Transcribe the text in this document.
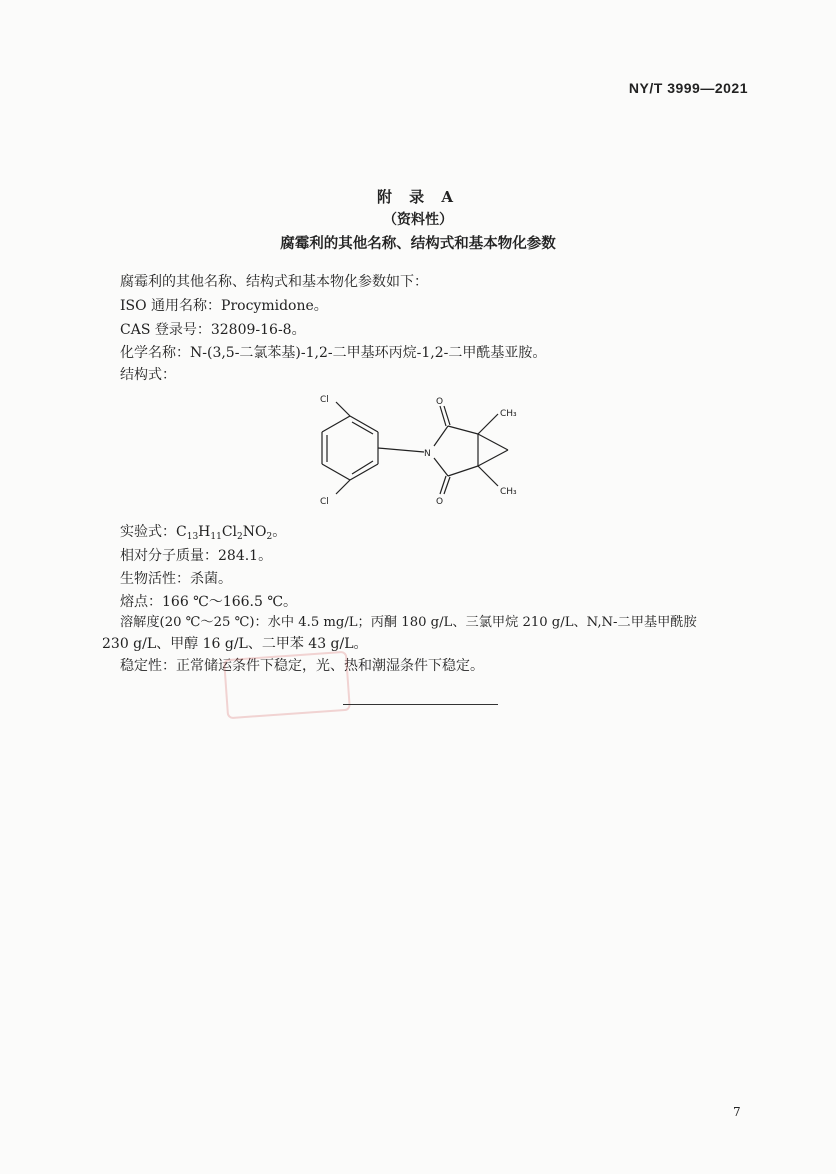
NY/T 3999—2021
附 录 A
（资料性）
腐霉利的其他名称、结构式和基本物化参数
腐霉利的其他名称、结构式和基本物化参数如下：
ISO 通用名称：Procymidone。
CAS 登录号：32809-16-8。
化学名称：N-(3,5-二氯苯基)-1,2-二甲基环丙烷-1,2-二甲酰基亚胺。
结构式：
Cl
Cl
N
O
O
CH₃
CH₃
实验式：$C_{13}H_{11}Cl_2NO_2$。
相对分子质量：284.1。
生物活性：杀菌。
熔点：166 ℃～166.5 ℃。
溶解度(20 ℃～25 ℃)：水中 4.5 mg/L；丙酮 180 g/L、三氯甲烷 210 g/L、N,N-二甲基甲酰胺
230 g/L、甲醇 16 g/L、二甲苯 43 g/L。
稳定性：正常储运条件下稳定，光、热和潮湿条件下稳定。
7
